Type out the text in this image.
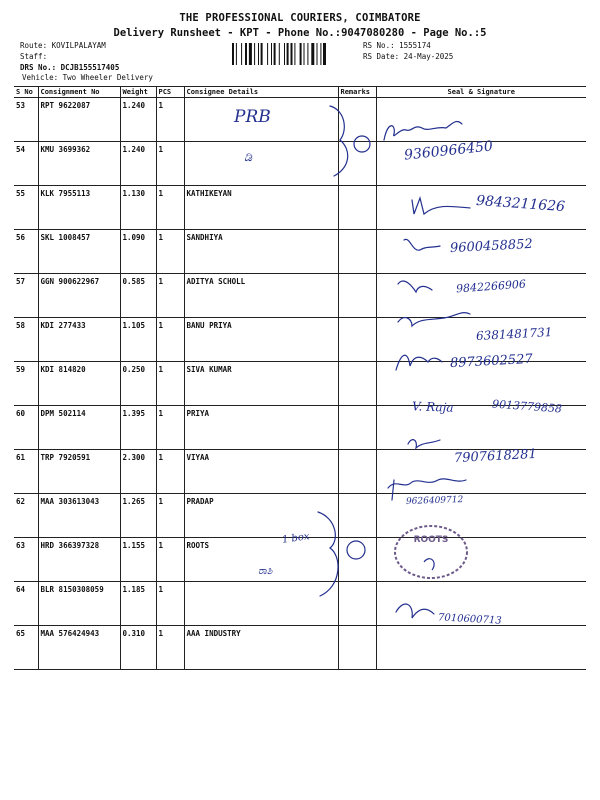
THE PROFESSIONAL COURIERS, COIMBATORE
Delivery Runsheet - KPT - Phone No.:9047080280 - Page No.:5
Route: KOVILPALAYAM
Staff:
DRS No.: DCJB155517405
Vehicle: Two Wheeler Delivery
RS No.: 1555174
RS Date: 24-May-2025
S No	Consignment No	Weight	PCS	Consignee Details	Remarks	Seal & Signature
53	RPT 9622087	1.240	1			
54	KMU 3699362	1.240	1			
55	KLK 7955113	1.130	1	KATHIKEYAN		
56	SKL 1008457	1.090	1	SANDHIYA		
57	GGN 900622967	0.585	1	ADITYA SCHOLL		
58	KDI 277433	1.105	1	BANU PRIYA		
59	KDI 814820	0.250	1	SIVA KUMAR		
60	DPM 502114	1.395	1	PRIYA		
61	TRP 7920591	2.300	1	VIYAA		
62	MAA 303613043	1.265	1	PRADAP		
63	HRD 366397328	1.155	1	ROOTS		
64	BLR 8150308059	1.185	1			
65	MAA 576424943	0.310	1	AAA INDUSTRY		
PRB
ಡಿ	9360966450
9843211626
9600458852
9842266906
6381481731
8973602527
V. Raja	9013779858
7907618281
9626409712
1 box
ರಾಶಿ
7010600713
ROOTS
